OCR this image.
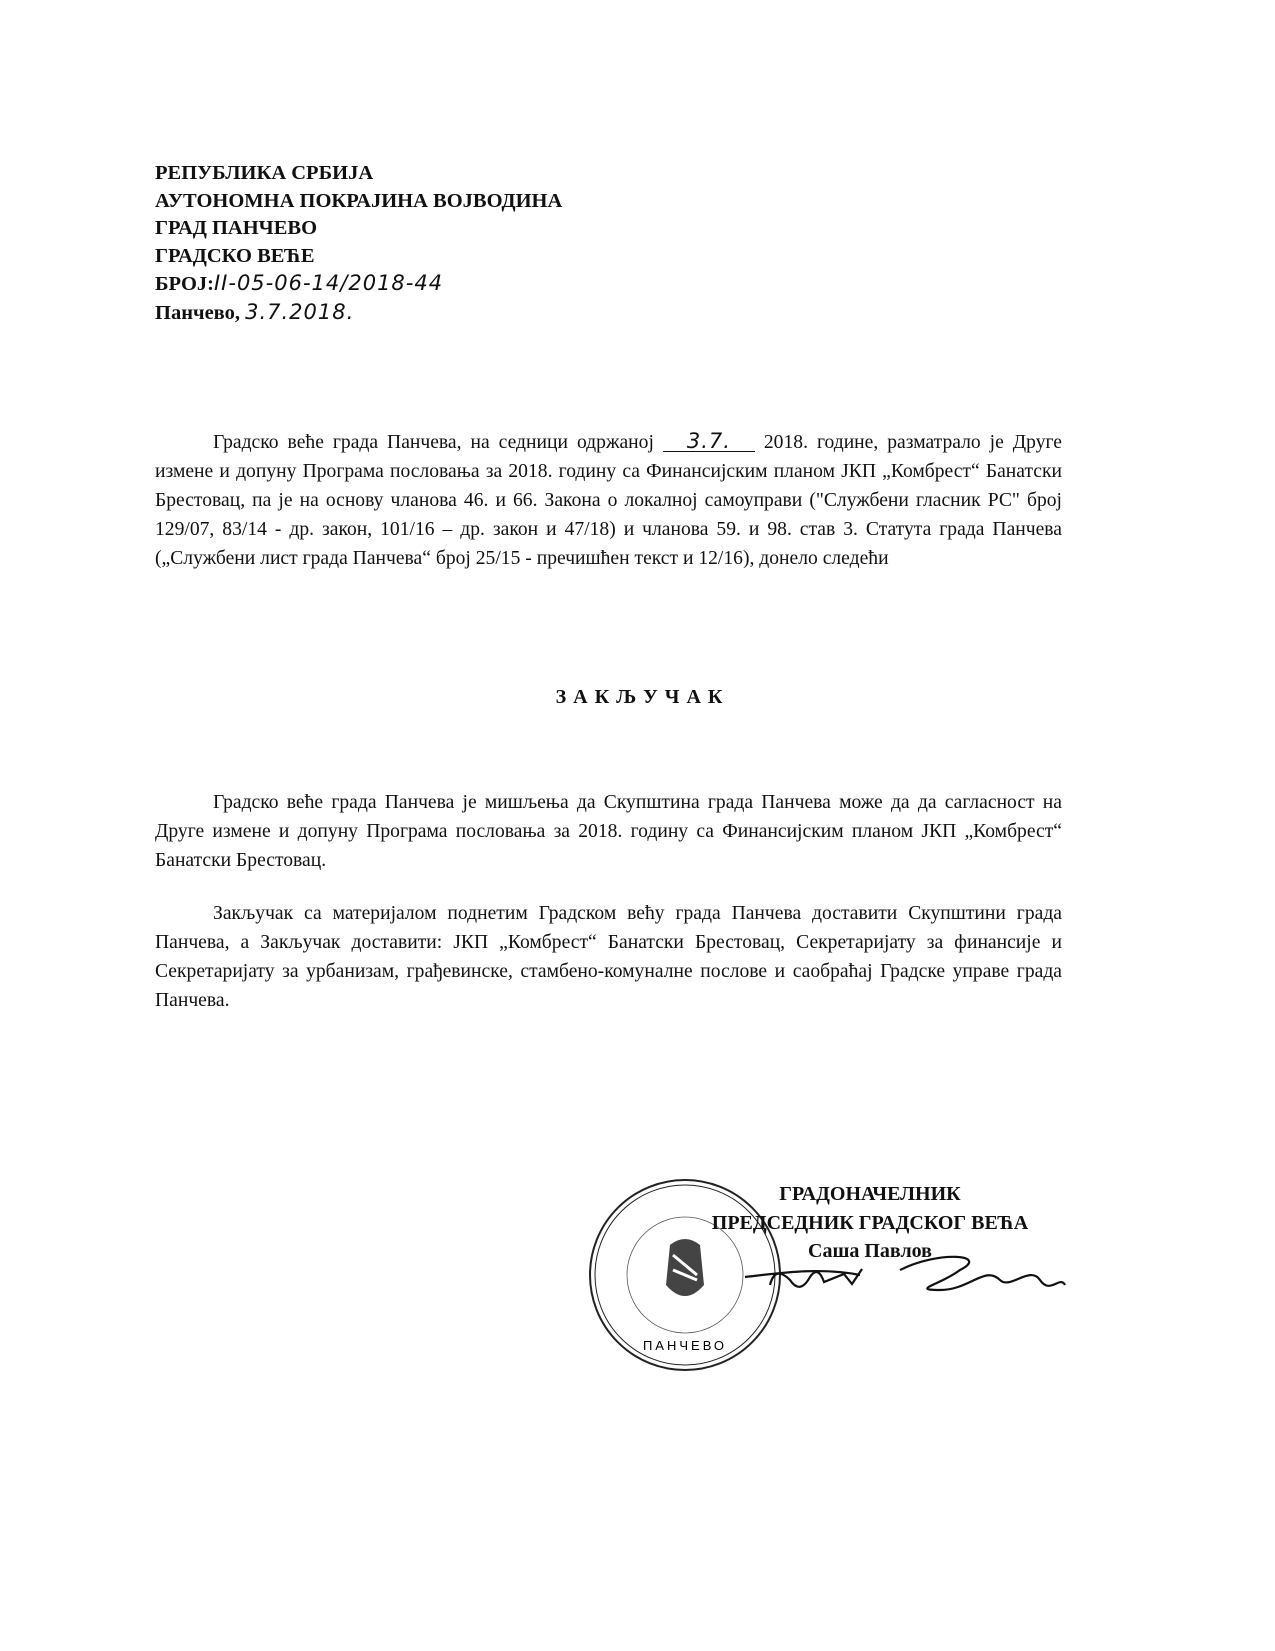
РЕПУБЛИКА СРБИЈА
АУТОНОМНА ПОКРАЈИНА ВОЈВОДИНА
ГРАД ПАНЧЕВО
ГРАДСКО ВЕЋЕ
БРОЈ:II-05-06-14/2018-44
Панчево, 3.7.2018.
Градско веће града Панчева, на седници одржаној 3.7. 2018. године, разматрало је Друге измене и допуну Програма пословања за 2018. годину са Финансијским планом ЈКП „Комбрест“ Банатски Брестовац, па је на основу чланова 46. и 66. Закона о локалној самоуправи ("Службени гласник РС" број 129/07, 83/14 - др. закон, 101/16 – др. закон и 47/18) и чланова 59. и 98. став 3. Статута града Панчева („Службени лист града Панчева“ број 25/15 - пречишћен текст и 12/16), донело следећи
ЗАКЉУЧАК
Градско веће града Панчева је мишљења да Скупштина града Панчева може да да сагласност на Друге измене и допуну Програма пословања за 2018. годину са Финансијским планом ЈКП „Комбрест“ Банатски Брестовац.
Закључак са материјалом поднетим Градском већу града Панчева доставити Скупштини града Панчева, а Закључак доставити: ЈКП „Комбрест“ Банатски Брестовац, Секретаријату за финансије и Секретаријату за урбанизам, грађевинске, стамбено-комуналне послове и саобраћај Градске управе града Панчева.
ПАНЧЕВО
ГРАДОНАЧЕЛНИК
ПРЕДСЕДНИК ГРАДСКОГ ВЕЋА
Саша Павлов
